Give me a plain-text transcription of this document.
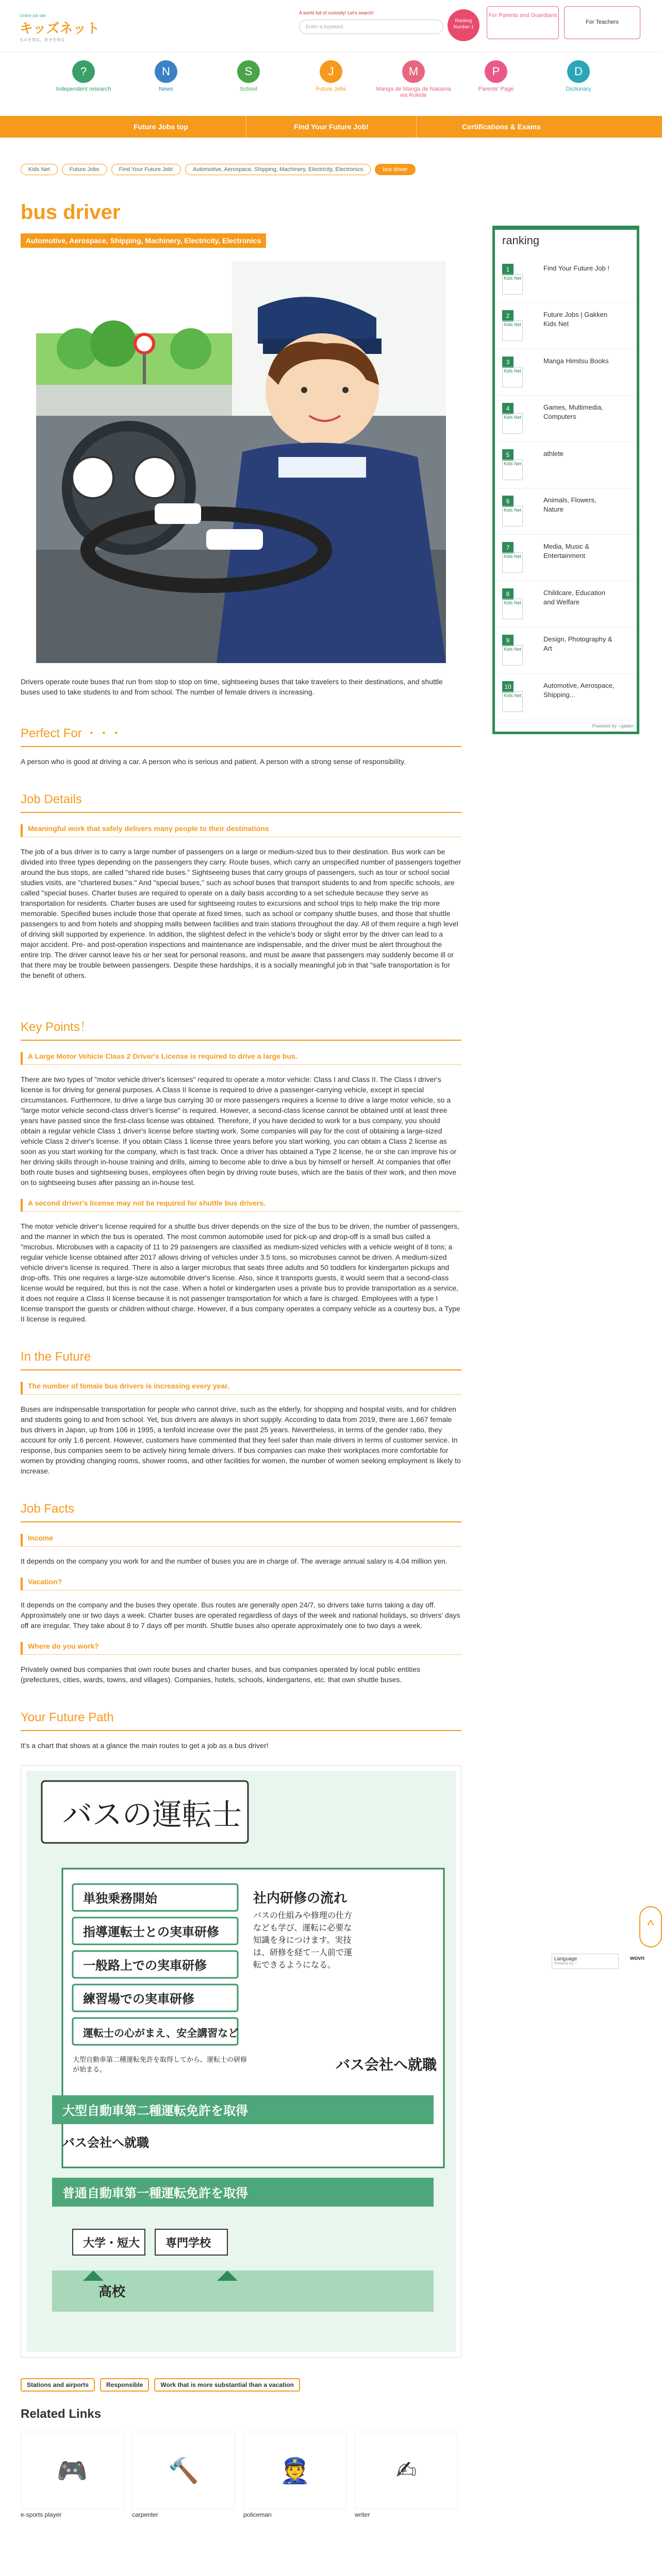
Online job site
キッズネット
ものを知る、好きを知る
A world full of curiosity! Let's search!
Enter a keyword
Ranking Number 1
For Parents and Guardians
For Teachers
?
Independent research
N
News
S
School
J
Future Jobs
M
Manga de Manga de Nakama wa Rokide
P
Parents' Page
D
Dictionary
Future Jobs top	Find Your Future Job!	Certifications & Exams
Kids Net	Future Jobs	Find Your Future Job!	Automotive, Aerospace, Shipping, Machinery, Electricity, Electronics	bus driver
bus driver
Automotive, Aerospace, Shipping, Machinery, Electricity, Electronics

Drivers operate route buses that run from stop to stop on time, sightseeing buses that take travelers to their destinations, and shuttle buses used to take students to and from school. The number of female drivers is increasing.

Perfect For ・・・

A person who is good at driving a car. A person who is serious and patient. A person with a strong sense of responsibility.

Job Details
Meaningful work that safely delivers many people to their destinations

The job of a bus driver is to carry a large number of passengers on a large or medium-sized bus to their destination. Bus work can be divided into three types depending on the passengers they carry. Route buses, which carry an unspecified number of passengers together around the bus stops, are called "shared ride buses." Sightseeing buses that carry groups of passengers, such as tour or school social studies visits, are "chartered buses." And "special buses," such as school buses that transport students to and from specific schools, are called "special buses. Charter buses are required to operate on a daily basis according to a set schedule because they serve as transportation for residents. Charter buses are used for sightseeing routes to excursions and school trips to help make the trip more memorable. Specified buses include those that operate at fixed times, such as school or company shuttle buses, and those that shuttle passengers to and from hotels and shopping malls between facilities and train stations throughout the day. All of them require a high level of driving skill supported by experience. In addition, the slightest defect in the vehicle's body or slight error by the driver can lead to a major accident. Pre- and post-operation inspections and maintenance are indispensable, and the driver must be alert throughout the entire trip. The driver cannot leave his or her seat for personal reasons, and must be aware that passengers may suddenly become ill or that there may be trouble between passengers. Despite these hardships, it is a socially meaningful job in that "safe transportation is for the benefit of others.

Key Points！
A Large Motor Vehicle Class 2 Driver's License is required to drive a large bus.

There are two types of "motor vehicle driver's licenses" required to operate a motor vehicle: Class I and Class II. The Class I driver's license is for driving for general purposes. A Class II license is required to drive a passenger-carrying vehicle, except in special circumstances. Furthermore, to drive a large bus carrying 30 or more passengers requires a license to drive a large motor vehicle, so a "large motor vehicle second-class driver's license" is required. However, a second-class license cannot be obtained until at least three years have passed since the first-class license was obtained. Therefore, if you have decided to work for a bus company, you should obtain a regular vehicle Class 1 driver's license before starting work. Some companies will pay for the cost of obtaining a large-sized vehicle Class 2 driver's license. If you obtain Class 1 license three years before you start working, you can obtain a Class 2 license as soon as you start working for the company, which is fast track. Once a driver has obtained a Type 2 license, he or she can improve his or her driving skills through in-house training and drills, aiming to become able to drive a bus by himself or herself. At companies that offer both route buses and sightseeing buses, employees often begin by driving route buses, which are the basis of their work, and then move on to sightseeing buses after passing an in-house test.

A second driver's license may not be required for shuttle bus drivers.

The motor vehicle driver's license required for a shuttle bus driver depends on the size of the bus to be driven, the number of passengers, and the manner in which the bus is operated. The most common automobile used for pick-up and drop-off is a small bus called a "microbus. Microbuses with a capacity of 11 to 29 passengers are classified as medium-sized vehicles with a vehicle weight of 8 tons; a regular vehicle license obtained after 2017 allows driving of vehicles under 3.5 tons, so microbuses cannot be driven. A medium-sized vehicle driver's license is required. There is also a larger microbus that seats three adults and 50 toddlers for kindergarten pickups and drop-offs. This one requires a large-size automobile driver's license. Also, since it transports guests, it would seem that a second-class license would be required, but this is not the case. When a hotel or kindergarten uses a private bus to provide transportation as a service, it does not require a Class II license because it is not passenger transportation for which a fare is charged. Employees with a type I license transport the guests or children without charge. However, if a bus company operates a company vehicle as a courtesy bus, a Type II license is required.

In the Future
The number of female bus drivers is increasing every year.

Buses are indispensable transportation for people who cannot drive, such as the elderly, for shopping and hospital visits, and for children and students going to and from school. Yet, bus drivers are always in short supply. According to data from 2019, there are 1,667 female bus drivers in Japan, up from 106 in 1995, a tenfold increase over the past 25 years. Nevertheless, in terms of the gender ratio, they account for only 1.6 percent. However, customers have commented that they feel safer than male drivers in terms of customer service. In response, bus companies seem to be actively hiring female drivers. If bus companies can make their workplaces more comfortable for women by providing changing rooms, shower rooms, and other facilities for women, the number of women seeking employment is likely to increase.

Job Facts
Income

It depends on the company you work for and the number of buses you are in charge of. The average annual salary is 4.04 million yen.

Vacation?

It depends on the company and the buses they operate. Bus routes are generally open 24/7, so drivers take turns taking a day off. Approximately one or two days a week. Charter buses are operated regardless of days of the week and national holidays, so drivers' days off are irregular. They take about 8 to 7 days off per month. Shuttle buses also operate approximately one to two days a week.

Where do you work?

Privately owned bus companies that own route buses and charter buses, and bus companies operated by local public entities (prefectures, cities, wards, towns, and villages). Companies, hotels, schools, kindergartens, etc. that own shuttle buses.

Your Future Path

It's a chart that shows at a glance the main routes to get a job as a bus driver!

バスの運転士
単独乗務開始
指導運転士との実車研修
一般路上での実車研修
練習場での実車研修
運転士の心がまえ、安全講習など
社内研修の流れ
バスの仕組みや修理の仕方なども学び、運転に必要な知識を身につけます。実技は、研修を経て一人前で運転できるようになる。
バス会社へ就職
大型自動車第二種運転免許を取得してから、運転士の研修が始まる。
大型自動車第二種運転免許を取得
バス会社へ就職
普通自動車第一種運転免許を取得
大学・短大 専門学校
高校
Stations and airports	Responsible	Work that is more substantial than a vacation
Related Links
🎮
e-sports player
🔨
carpenter
👮
policeman
✍
writer
ranking
1
Kids Net
Find Your Future Job !
2
Kids Net
Future Jobs | Gakken Kids Net
3
Kids Net
Manga Himitsu Books
4
Kids Net
Games, Multimedia, Computers
5
Kids Net
athlete
6
Kids Net
Animals, Flowers, Nature
7
Kids Net
Media, Music & Entertainment
8
Kids Net
Childcare, Education and Welfare
9
Kids Net
Design, Photography & Art
10
Kids Net
Automotive, Aerospace, Shipping...
Powered by ○gaden
^
Language
Powered by ○
wovn
